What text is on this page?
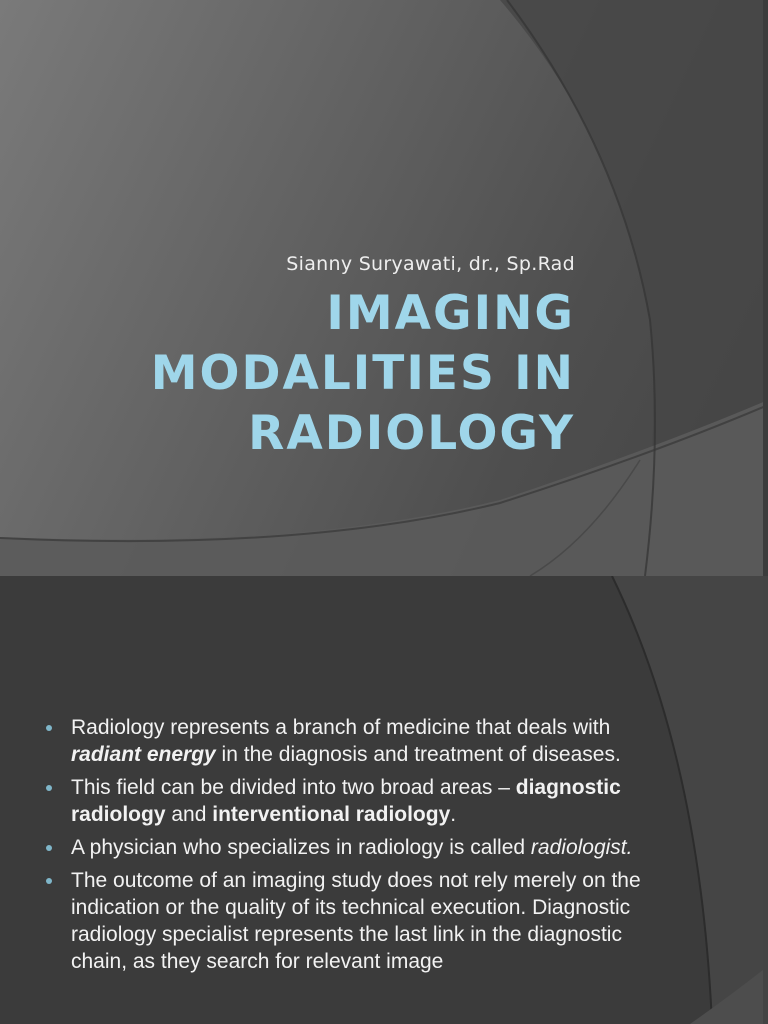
Sianny Suryawati, dr., Sp.Rad
IMAGING
MODALITIES IN
RADIOLOGY
Radiology represents a branch of medicine that deals with radiant energy in the diagnosis and treatment of diseases.
This field can be divided into two broad areas – diagnostic radiology and interventional radiology.
A physician who specializes in radiology is called radiologist.
The outcome of an imaging study does not rely merely on the indication or the quality of its technical execution. Diagnostic radiology specialist represents the last link in the diagnostic chain, as they search for relevant image
